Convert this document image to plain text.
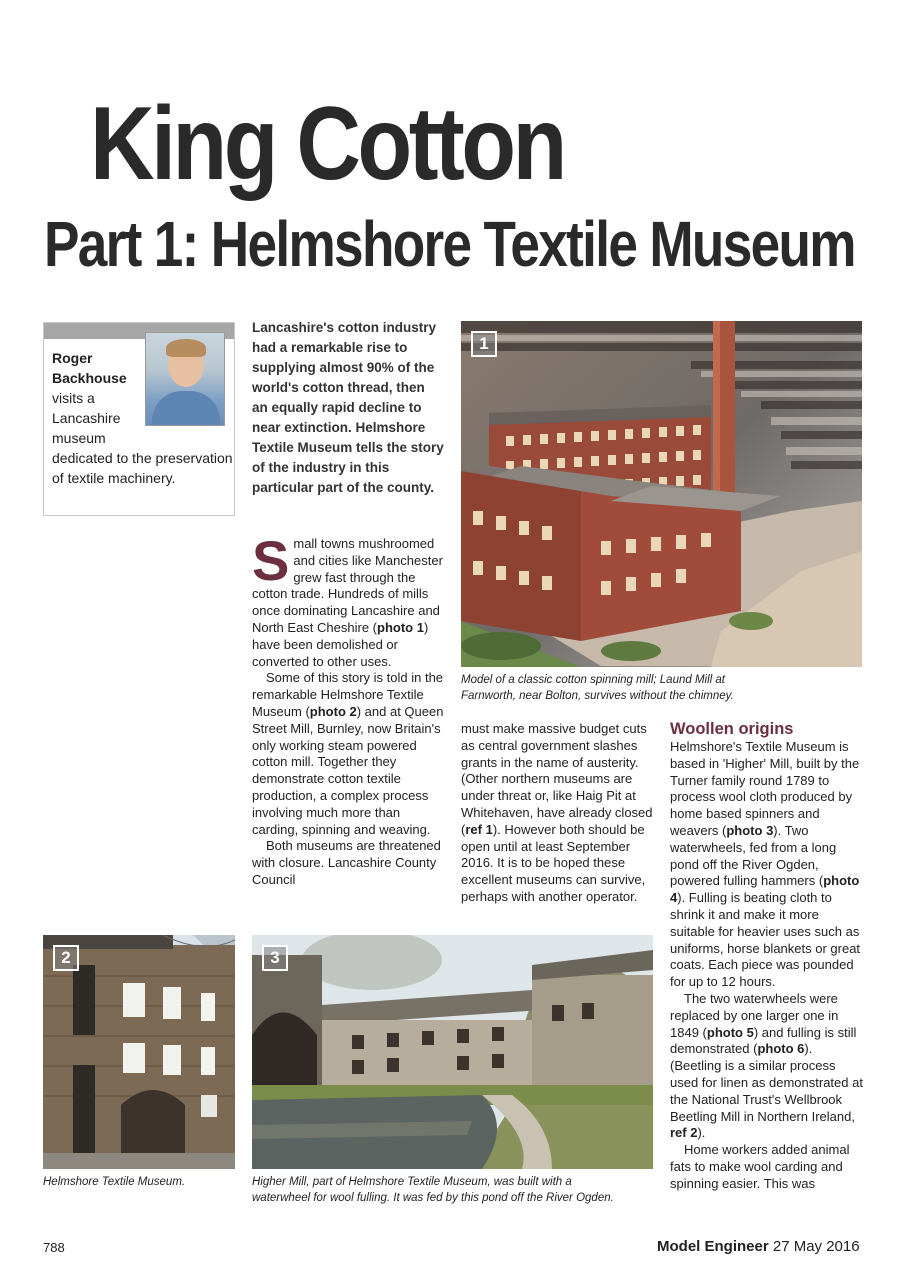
King Cotton
Part 1: Helmshore Textile Museum
Roger
Backhouse
visits a
Lancashire
museum
dedicated to the preservation of textile machinery.
Lancashire's cotton industry had a remarkable rise to supplying almost 90% of the world's cotton thread, then an equally rapid decline to near extinction. Helmshore Textile Museum tells the story of the industry in this particular part of the county.
1
Model of a classic cotton spinning mill; Laund Mill at Farnworth, near Bolton, survives without the chimney.

Small towns mushroomed and cities like Manchester grew fast through the cotton trade. Hundreds of mills once dominating Lancashire and North East Cheshire (photo 1) have been demolished or converted to other uses.

Some of this story is told in the remarkable Helmshore Textile Museum (photo 2) and at Queen Street Mill, Burnley, now Britain's only working steam powered cotton mill. Together they demonstrate cotton textile production, a complex process involving much more than carding, spinning and weaving.

Both museums are threatened with closure. Lancashire County Council

must make massive budget cuts as central government slashes grants in the name of austerity. (Other northern museums are under threat or, like Haig Pit at Whitehaven, have already closed (ref 1). However both should be open until at least September 2016. It is to be hoped these excellent museums can survive, perhaps with another operator.

Woollen origins

Helmshore's Textile Museum is based in 'Higher' Mill, built by the Turner family round 1789 to process wool cloth produced by home based spinners and weavers (photo 3). Two waterwheels, fed from a long pond off the River Ogden, powered fulling hammers (photo 4). Fulling is beating cloth to shrink it and make it more suitable for heavier uses such as uniforms, horse blankets or great coats. Each piece was pounded for up to 12 hours.

The two waterwheels were replaced by one larger one in 1849 (photo 5) and fulling is still demonstrated (photo 6). (Beetling is a similar process used for linen as demonstrated at the National Trust's Wellbrook Beetling Mill in Northern Ireland, ref 2).

Home workers added animal fats to make wool carding and spinning easier. This was

2
Helmshore Textile Museum.
3
Higher Mill, part of Helmshore Textile Museum, was built with a waterwheel for wool fulling. It was fed by this pond off the River Ogden.
788	Model Engineer 27 May 2016
